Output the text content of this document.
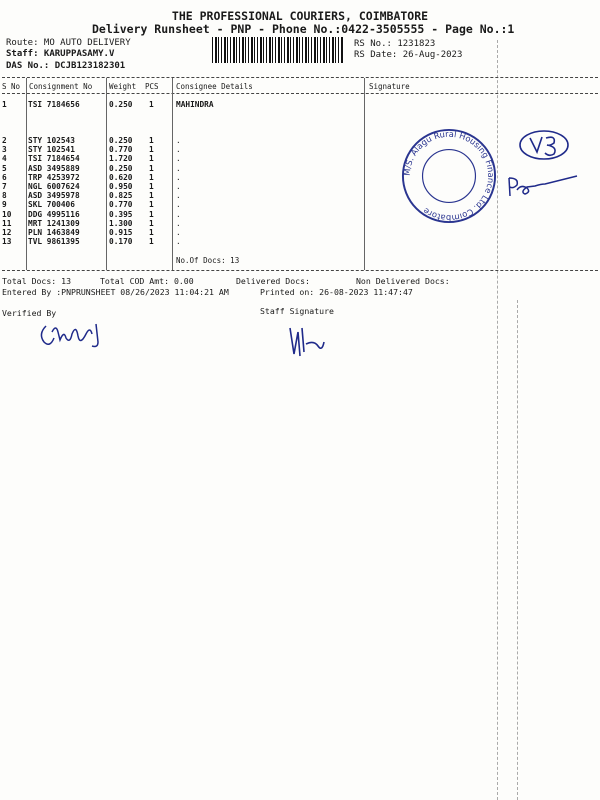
THE PROFESSIONAL COURIERS, COIMBATORE
Delivery Runsheet - PNP - Phone No.:0422-3505555 - Page No.:1
Route: MO AUTO DELIVERY
Staff: KARUPPASAMY.V
DAS No.: DCJB123182301
RS No.: 1231823
RS Date: 26-Aug-2023
S No Consignment No Weight PCS Consignee Details	Signature
1	TSI 7184656	0.250 1	MAHINDRA
2	STY 102543	0.250 1	.
3	STY 102541	0.770 1	.
4	TSI 7184654	1.720 1	.
5	ASD 3495889	0.250 1	.
6	TRP 4253972	0.620 1	.
7	NGL 6007624	0.950 1	.
8	ASD 3495978	0.825 1	.
9	SKL 700406	0.770 1	.
10 DDG 4995116	0.395 1	.
11 MRT 1241309	1.300 1	.
12 PLN 1463849	0.915 1	.
13 TVL 9861395	0.170 1	.
No.Of Docs: 13
Total Docs: 13	Total COD Amt: 0.00	Delivered Docs:	Non Delivered Docs:
Entered By :PNPRUNSHEET 08/26/2023 11:04:21 AM	Printed on: 26-08-2023 11:47:47
Verified By	Staff Signature
M/S. Alagu Rural Housing Finance Ltd. Coimbatore
